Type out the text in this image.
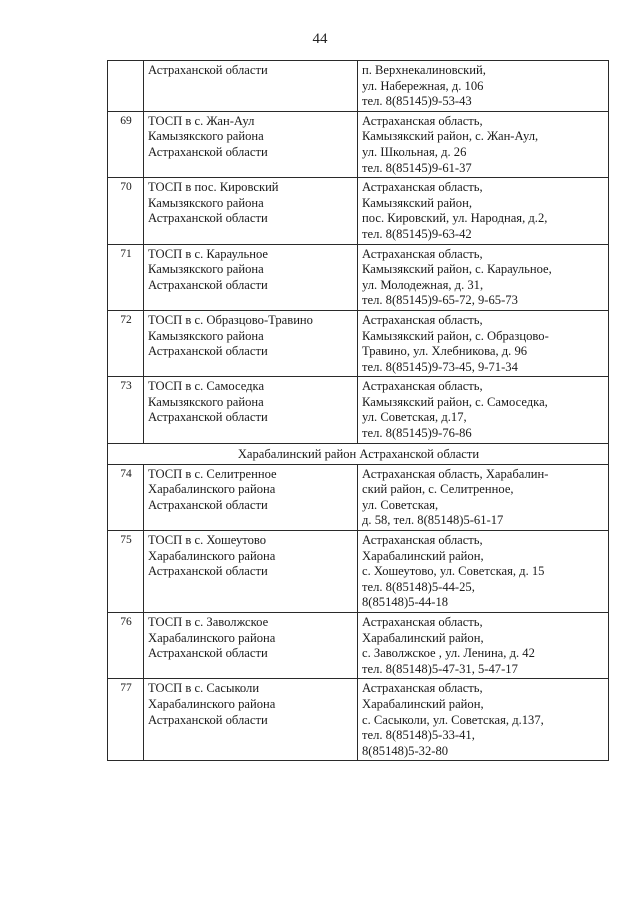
44

	Астраханской области	п. Верхнекалиновский,
ул. Набережная, д. 106
тел. 8(85145)9-53-43

69	ТОСП в с. Жан-Аул
Камызякского района
Астраханской области	Астраханская область,
Камызякский район, с. Жан-Аул,
ул. Школьная, д. 26
тел. 8(85145)9-61-37

70	ТОСП в пос. Кировский
Камызякского района
Астраханской области	Астраханская область,
Камызякский район,
пос. Кировский, ул. Народная, д.2,
тел. 8(85145)9-63-42

71	ТОСП в с. Караульное
Камызякского района
Астраханской области	Астраханская область,
Камызякский район, с. Караульное,
ул. Молодежная, д. 31,
тел. 8(85145)9-65-72, 9-65-73

72	ТОСП в с. Образцово-Травино
Камызякского района
Астраханской области	Астраханская область,
Камызякский район, с. Образцово-
Травино, ул. Хлебникова, д. 96
тел. 8(85145)9-73-45, 9-71-34

73	ТОСП в с. Самоседка
Камызякского района
Астраханской области	Астраханская область,
Камызякский район, с. Самоседка,
ул. Советская, д.17,
тел. 8(85145)9-76-86

Харабалинский район Астраханской области		
74	ТОСП в с. Селитренное
Харабалинского района
Астраханской области	Астраханская область, Харабалин-
ский район, с. Селитренное,
ул. Советская,
д. 58, тел. 8(85148)5-61-17

75	ТОСП в с. Хошеутово
Харабалинского района
Астраханской области	Астраханская область,
Харабалинский район,
с. Хошеутово, ул. Советская, д. 15
тел. 8(85148)5-44-25,
8(85148)5-44-18

76	ТОСП в с. Заволжское
Харабалинского района
Астраханской области	Астраханская область,
Харабалинский район,
с. Заволжское , ул. Ленина, д. 42
тел. 8(85148)5-47-31, 5-47-17

77	ТОСП в с. Сасыколи
Харабалинского района
Астраханской области	Астраханская область,
Харабалинский район,
с. Сасыколи, ул. Советская, д.137,
тел. 8(85148)5-33-41,
8(85148)5-32-80
